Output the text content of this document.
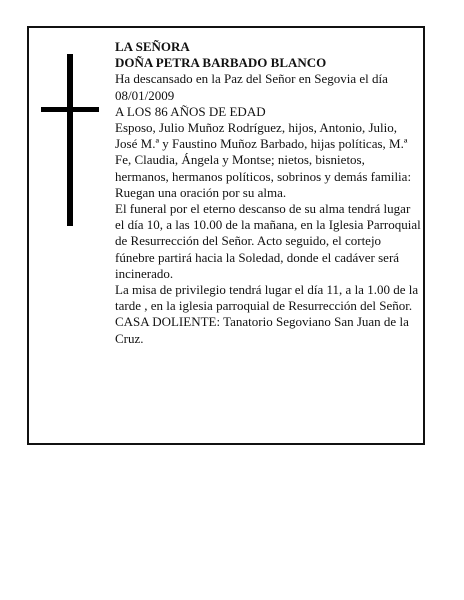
LA SEÑORA

DOÑA PETRA BARBADO BLANCO

Ha descansado en la Paz del Señor en Segovia el día 08/01/2009

A LOS 86 AÑOS DE EDAD

Esposo, Julio Muñoz Rodríguez, hijos, Antonio, Julio, José M.ª y Faustino Muñoz Barbado, hijas políticas, M.ª Fe, Claudia, Ángela y Montse; nietos, bisnietos, hermanos, hermanos políticos, sobrinos y demás familia:

Ruegan una oración por su alma.

El funeral por el eterno descanso de su alma tendrá lugar el día 10, a las 10.00 de la mañana, en la Iglesia Parroquial de Resurrección del Señor. Acto seguido, el cortejo fúnebre partirá hacia la Soledad, donde el cadáver será incinerado.

La misa de privilegio tendrá lugar el día 11, a la 1.00 de la tarde , en la iglesia parroquial de Resurrección del Señor.

CASA DOLIENTE: Tanatorio Segoviano San Juan de la Cruz.
